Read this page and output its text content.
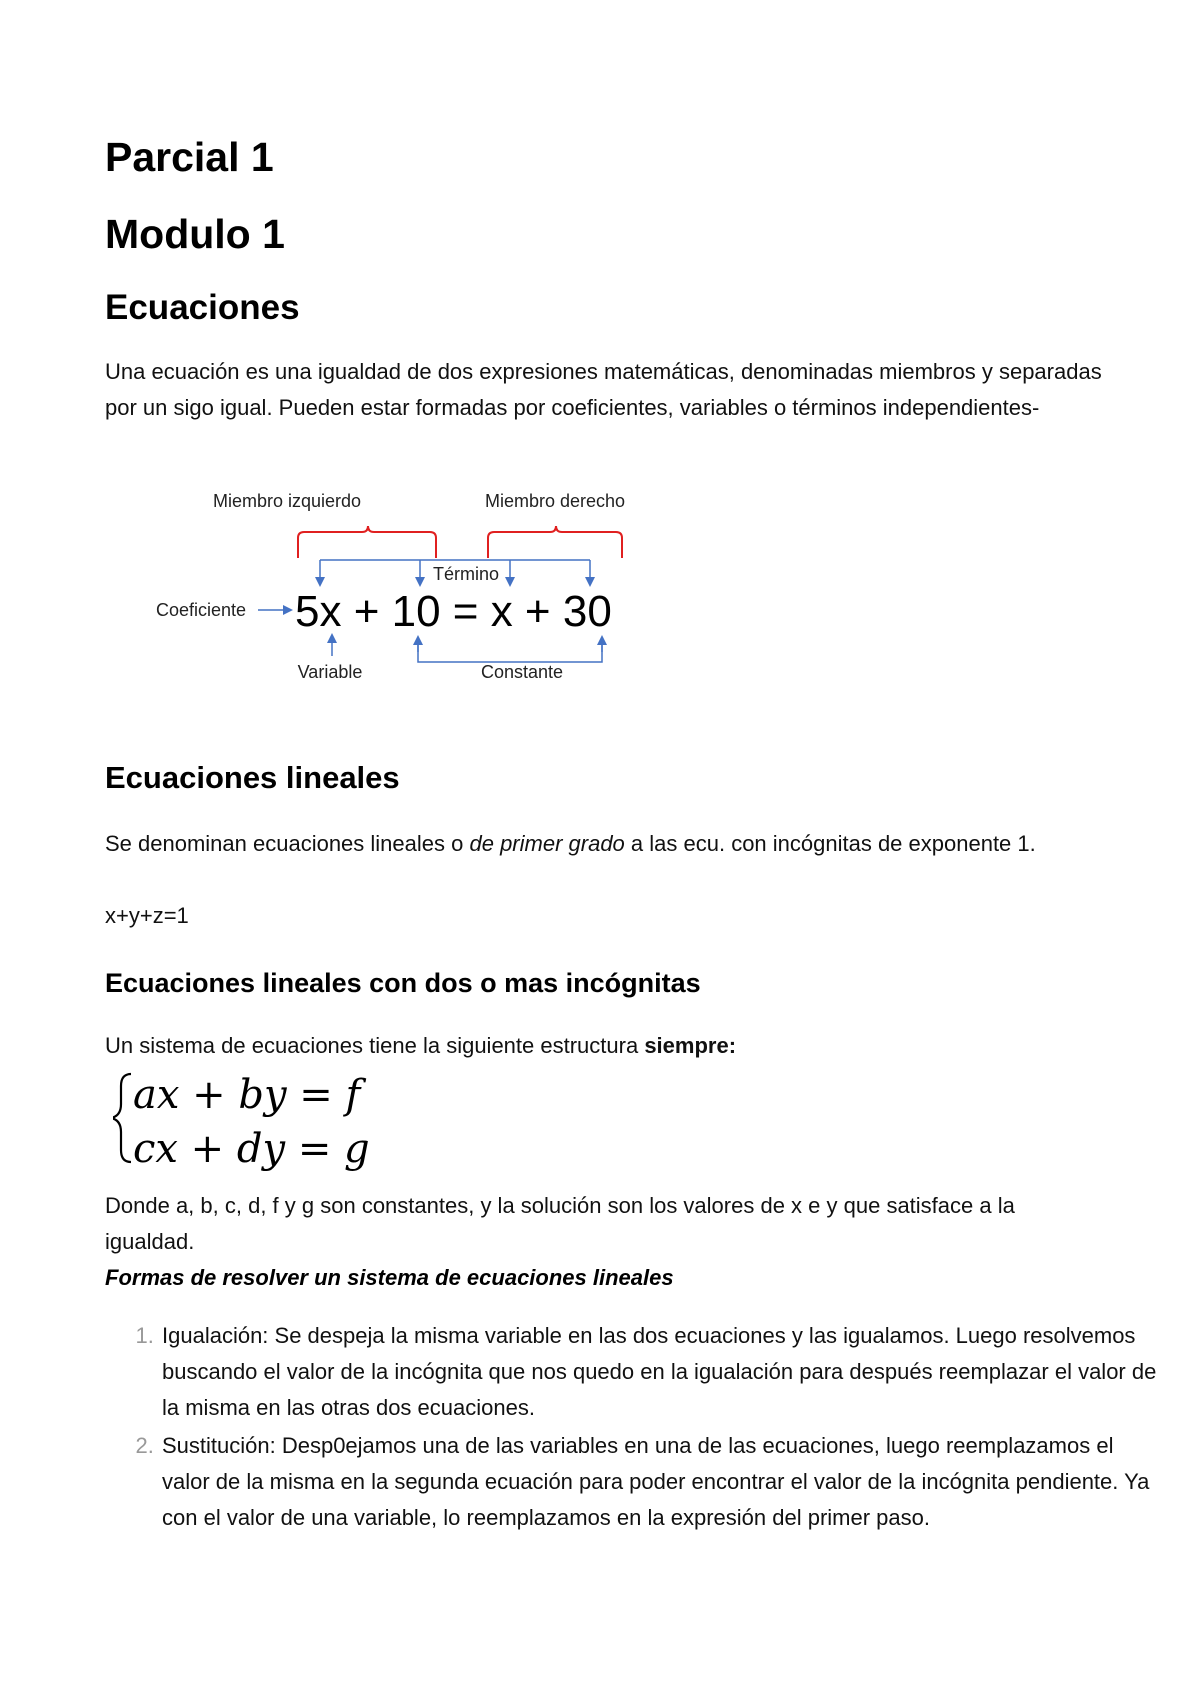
Parcial 1
Modulo 1
Ecuaciones

Una ecuación es una igualdad de dos expresiones matemáticas, denominadas miembros y separadas por un sigo igual. Pueden estar formadas por coeficientes, variables o términos independientes-

Miembro izquierdo	Miembro derecho
Término
Coeficiente 5x + 10 = x + 30
Variable	Constante
Ecuaciones lineales

Se denominan ecuaciones lineales o de primer grado a las ecu. con incógnitas de exponente 1.

x+y+z=1

Ecuaciones lineales con dos o mas incógnitas

Un sistema de ecuaciones tiene la siguiente estructura siempre:

ax + by = f
cx + dy = g

Donde a, b, c, d, f y g son constantes, y la solución son los valores de x e y que satisface a la igualdad.

Formas de resolver un sistema de ecuaciones lineales

1. Igualación: Se despeja la misma variable en las dos ecuaciones y las igualamos. Luego resolvemos buscando el valor de la incógnita que nos quedo en la igualación para después reemplazar el valor de la misma en las otras dos ecuaciones.
2. Sustitución: Desp0ejamos una de las variables en una de las ecuaciones, luego reemplazamos el valor de la misma en la segunda ecuación para poder encontrar el valor de la incógnita pendiente. Ya con el valor de una variable, lo reemplazamos en la expresión del primer paso.
